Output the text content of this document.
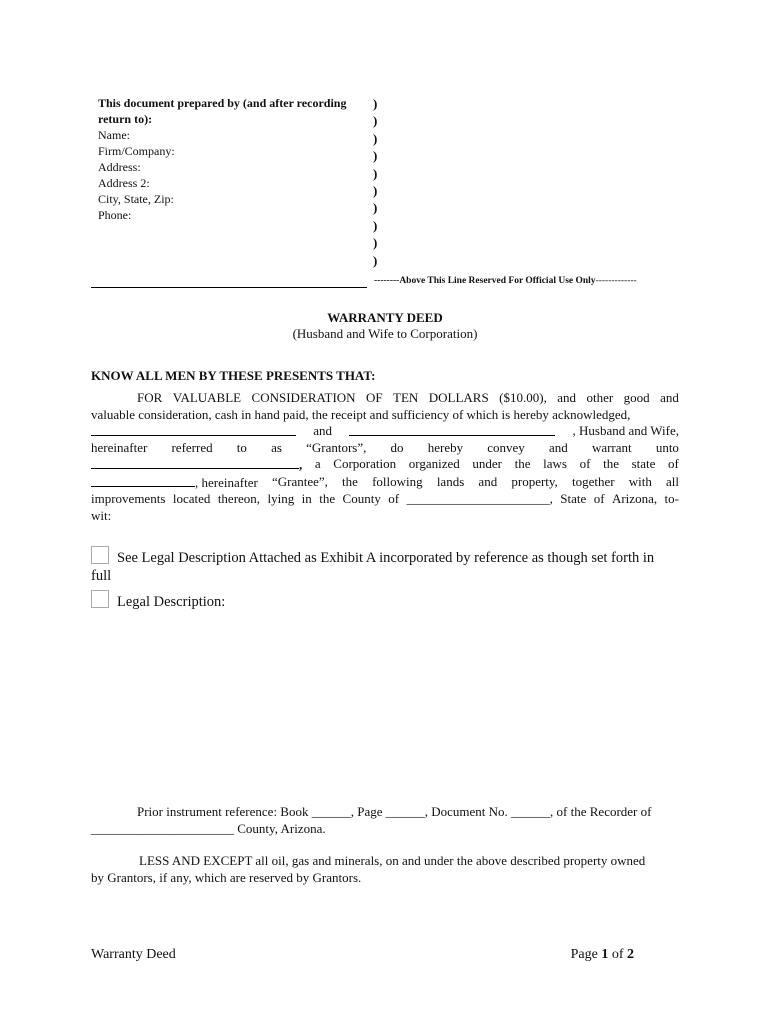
This document prepared by (and after recording
return to):
Name:
Firm/Company:
Address:
Address 2:
City, State, Zip:
Phone:
)
)
)
)
)
)
)
)
)
)
--------Above This Line Reserved For Official Use Only-------------
WARRANTY DEED
(Husband and Wife to Corporation)
KNOW ALL MEN BY THESE PRESENTS THAT:
FOR VALUABLE CONSIDERATION OF TEN DOLLARS ($10.00), and other good and
valuable consideration, cash in hand paid, the receipt and sufficiency of which is hereby acknowledged,
and	, Husband and Wife,
hereinafter referred to as “Grantors”, do hereby convey and warrant unto
, a Corporation organized under the laws of the state of
, hereinafter “Grantee”, the following lands and property, together with all
improvements located thereon, lying in the County of ______________________, State of Arizona, to-
wit:
See Legal Description Attached as Exhibit A incorporated by reference as though set forth in
full
Legal Description:
Prior instrument reference: Book ______, Page ______, Document No. ______, of the Recorder of
______________________ County, Arizona.
LESS AND EXCEPT all oil, gas and minerals, on and under the above described property owned
by Grantors, if any, which are reserved by Grantors.
Warranty Deed	Page 1 of 2
